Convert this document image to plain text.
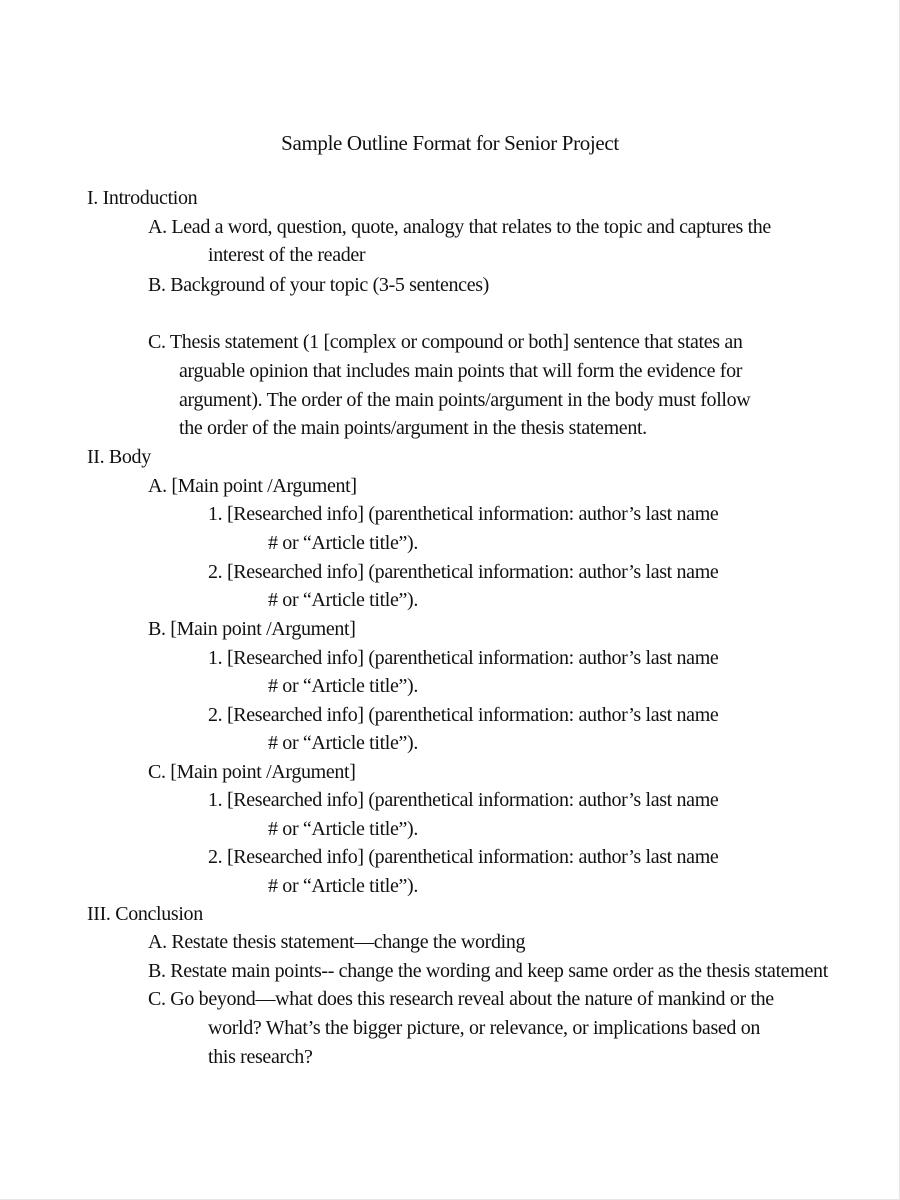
Sample Outline Format for Senior Project
I. Introduction
A. Lead a word, question, quote, analogy that relates to the topic and captures the
interest of the reader
B. Background of your topic (3-5 sentences)
C. Thesis statement (1 [complex or compound or both] sentence that states an
arguable opinion that includes main points that will form the evidence for
argument). The order of the main points/argument in the body must follow
the order of the main points/argument in the thesis statement.
II. Body
A. [Main point /Argument]
1. [Researched info] (parenthetical information: author’s last name
# or “Article title”).
2. [Researched info] (parenthetical information: author’s last name
# or “Article title”).
B. [Main point /Argument]
1. [Researched info] (parenthetical information: author’s last name
# or “Article title”).
2. [Researched info] (parenthetical information: author’s last name
# or “Article title”).
C. [Main point /Argument]
1. [Researched info] (parenthetical information: author’s last name
# or “Article title”).
2. [Researched info] (parenthetical information: author’s last name
# or “Article title”).
III. Conclusion
A. Restate thesis statement—change the wording
B. Restate main points-- change the wording and keep same order as the thesis statement
C. Go beyond—what does this research reveal about the nature of mankind or the
world? What’s the bigger picture, or relevance, or implications based on
this research?
